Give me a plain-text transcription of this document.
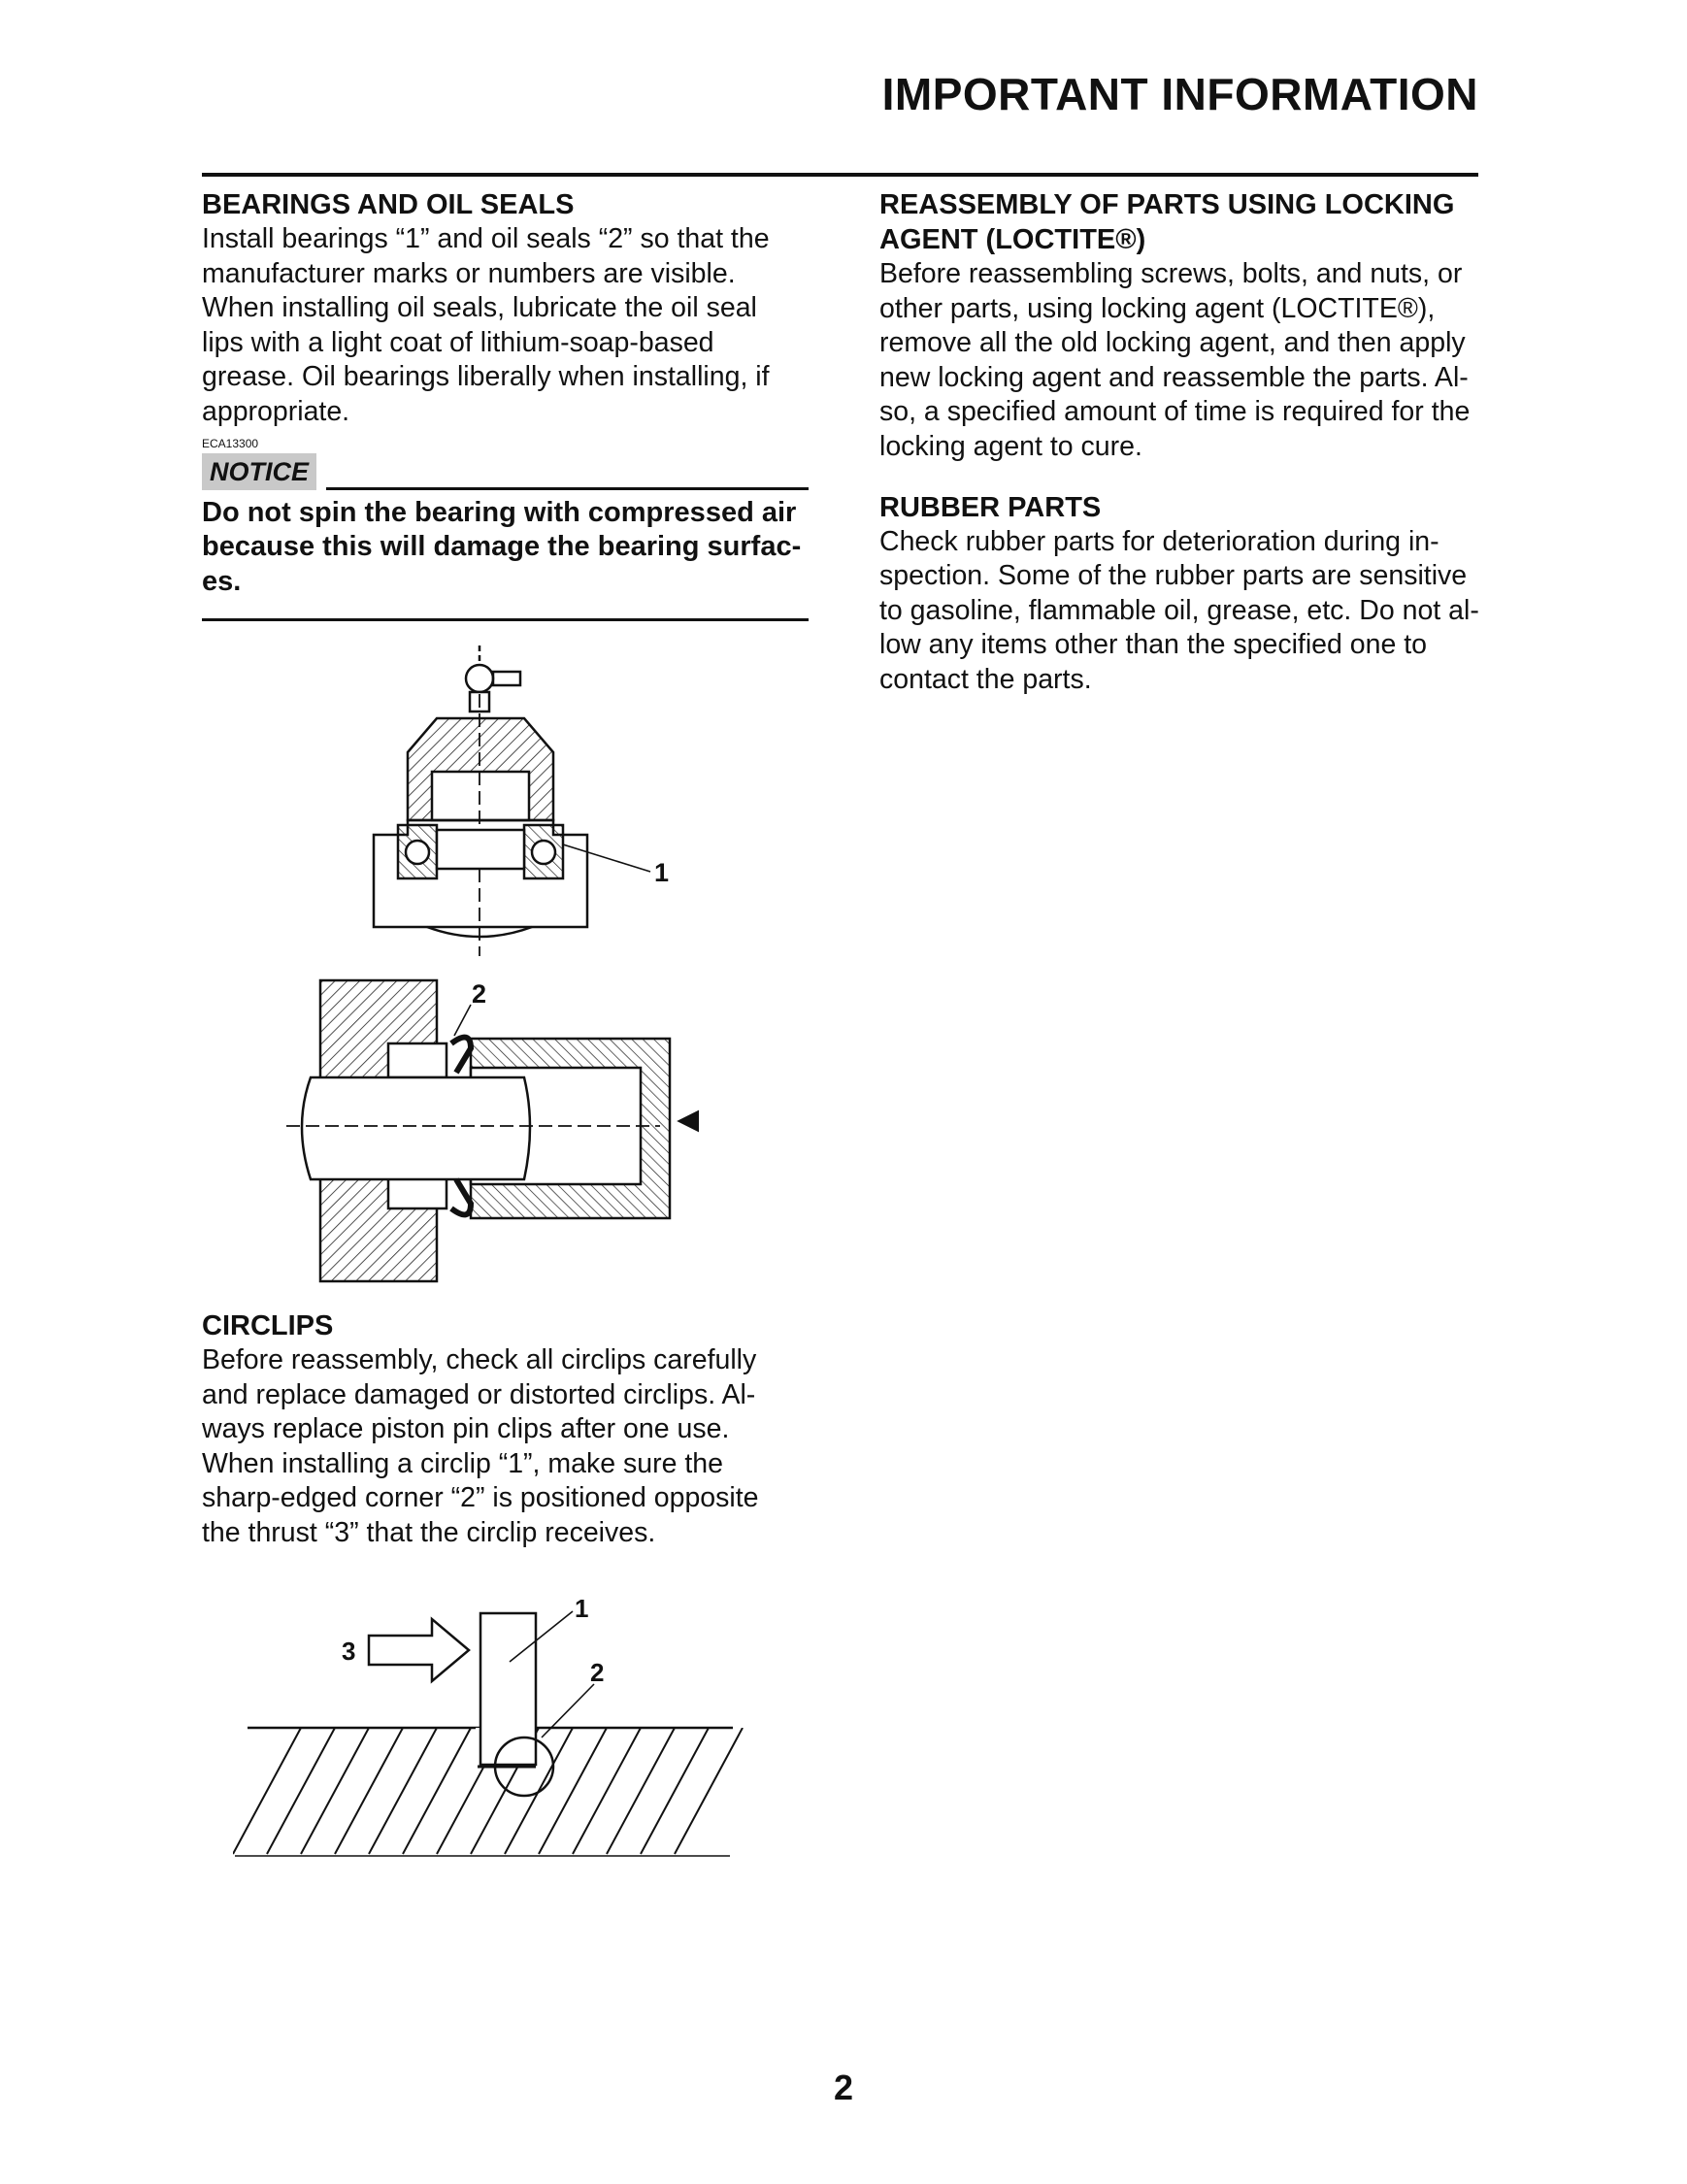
IMPORTANT INFORMATION
BEARINGS AND OIL SEALS

Install bearings “1” and oil seals “2” so that the
manufacturer marks or numbers are visible.
When installing oil seals, lubricate the oil seal
lips with a light coat of lithium-soap-based
grease. Oil bearings liberally when installing, if
appropriate.

ECA13300
NOTICE

Do not spin the bearing with compressed air
because this will damage the bearing surfac-
es.

1
2
CIRCLIPS

Before reassembly, check all circlips carefully
and replace damaged or distorted circlips. Al-
ways replace piston pin clips after one use.
When installing a circlip “1”, make sure the
sharp-edged corner “2” is positioned opposite
the thrust “3” that the circlip receives.

1
2
3
REASSEMBLY OF PARTS USING LOCKING
AGENT (LOCTITE®)

Before reassembling screws, bolts, and nuts, or
other parts, using locking agent (LOCTITE®),
remove all the old locking agent, and then apply
new locking agent and reassemble the parts. Al-
so, a specified amount of time is required for the
locking agent to cure.

RUBBER PARTS

Check rubber parts for deterioration during in-
spection. Some of the rubber parts are sensitive
to gasoline, flammable oil, grease, etc. Do not al-
low any items other than the specified one to
contact the parts.

2
